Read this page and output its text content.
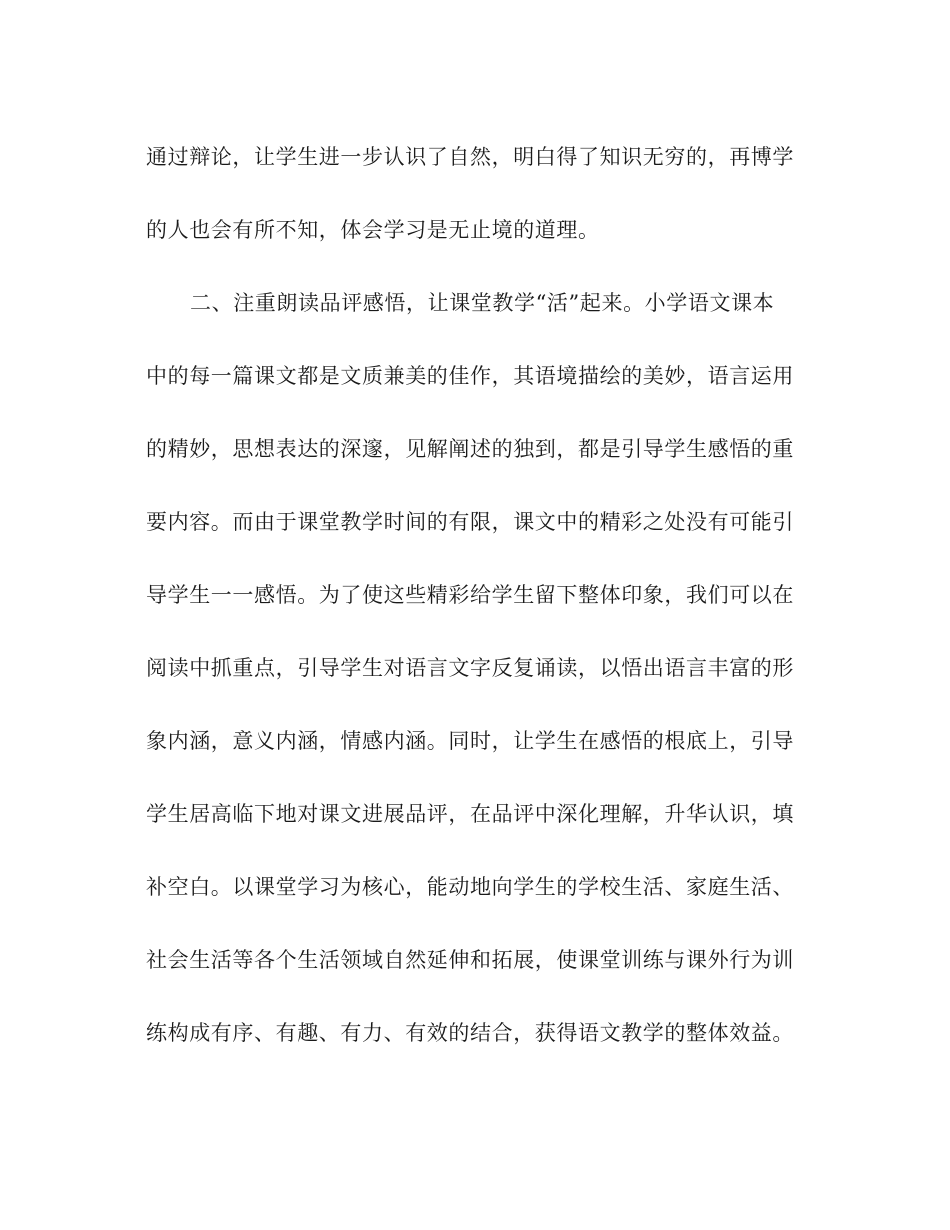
通过辩论，让学生进一步认识了自然，明白得了知识无穷的，再博学
的人也会有所不知，体会学习是无止境的道理。
二、注重朗读品评感悟，让课堂教学“活”起来。小学语文课本
中的每一篇课文都是文质兼美的佳作，其语境描绘的美妙，语言运用
的精妙，思想表达的深邃，见解阐述的独到，都是引导学生感悟的重
要内容。而由于课堂教学时间的有限，课文中的精彩之处没有可能引
导学生一一感悟。为了使这些精彩给学生留下整体印象，我们可以在
阅读中抓重点，引导学生对语言文字反复诵读，以悟出语言丰富的形
象内涵，意义内涵，情感内涵。同时，让学生在感悟的根底上，引导
学生居高临下地对课文进展品评，在品评中深化理解，升华认识，填
补空白。以课堂学习为核心，能动地向学生的学校生活、家庭生活、
社会生活等各个生活领域自然延伸和拓展，使课堂训练与课外行为训
练构成有序、有趣、有力、有效的结合，获得语文教学的整体效益。
